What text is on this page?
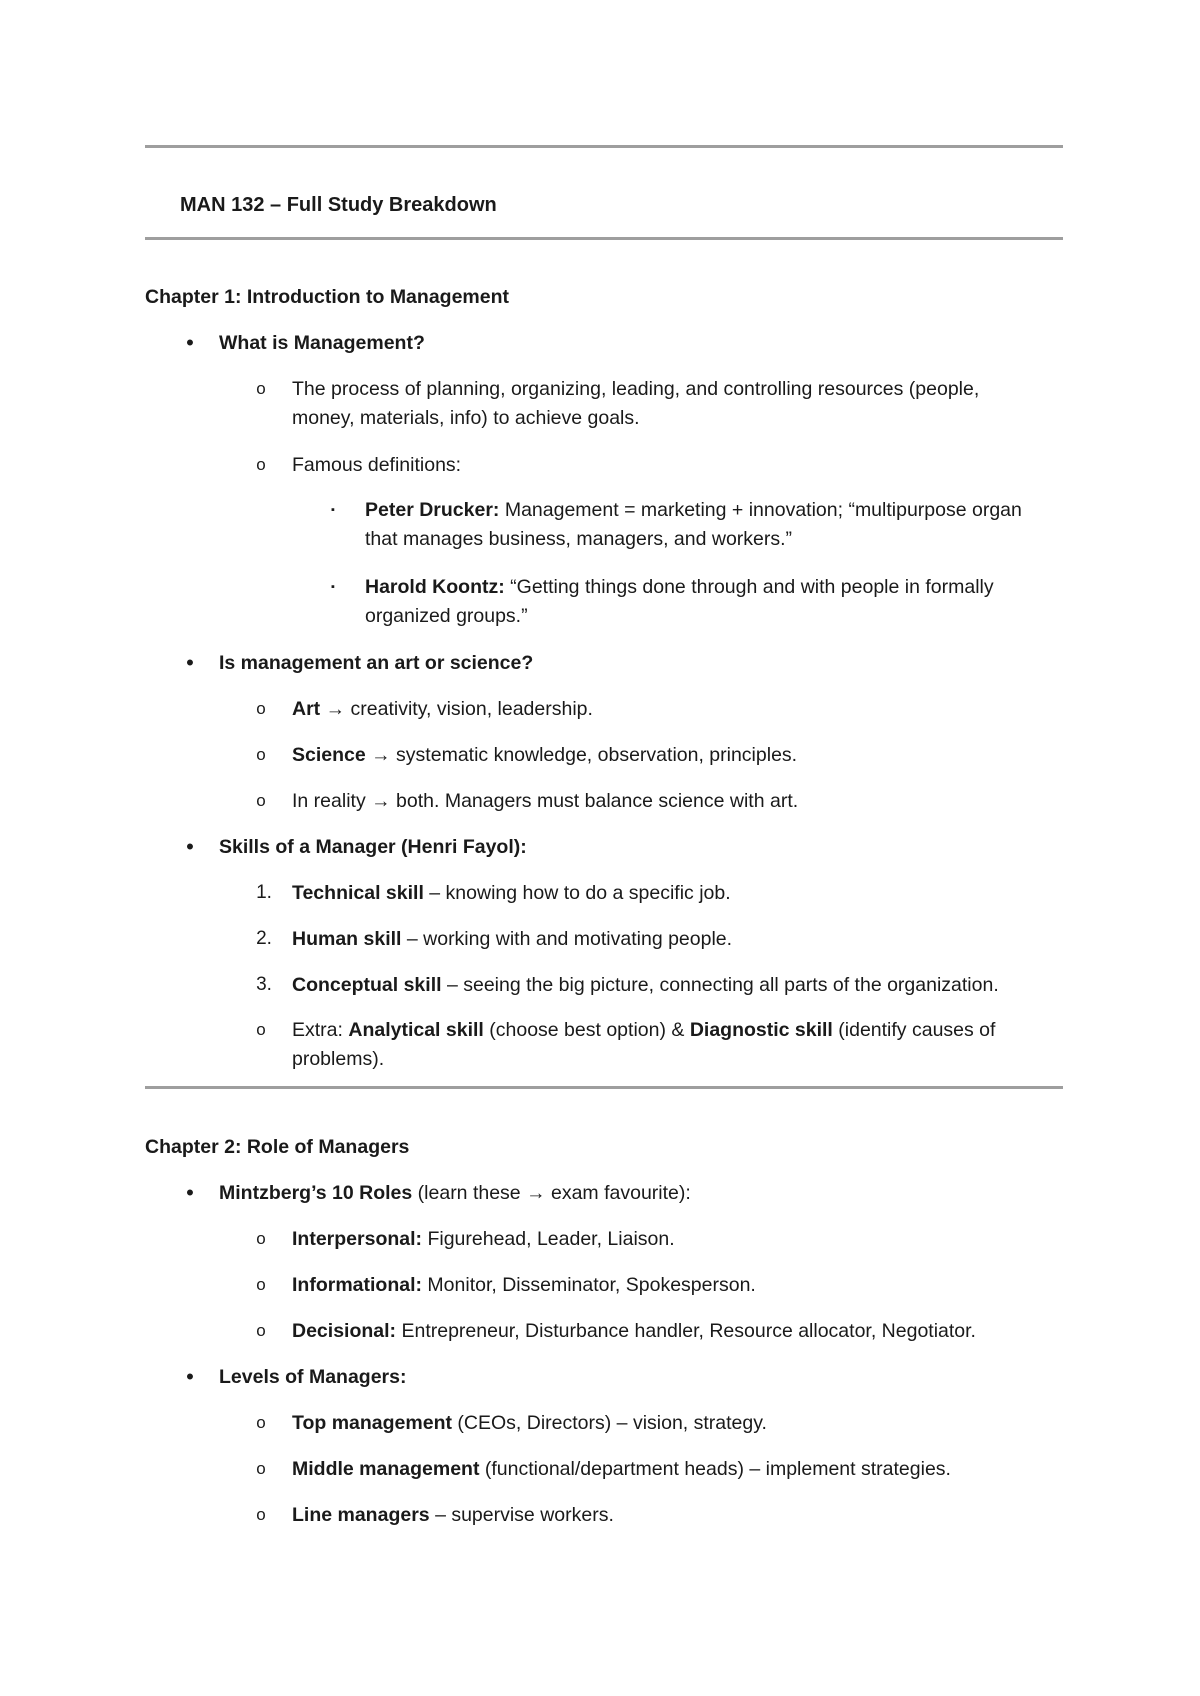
MAN 132 – Full Study Breakdown
Chapter 1: Introduction to Management
• What is Management?
o The process of planning, organizing, leading, and controlling resources (people,
money, materials, info) to achieve goals.
o Famous definitions:
▪ Peter Drucker: Management = marketing + innovation; “multipurpose organ
that manages business, managers, and workers.”
▪ Harold Koontz: “Getting things done through and with people in formally
organized groups.”
• Is management an art or science?
o Art → creativity, vision, leadership.
o Science → systematic knowledge, observation, principles.
o In reality → both. Managers must balance science with art.
• Skills of a Manager (Henri Fayol):
1. Technical skill – knowing how to do a specific job.
2. Human skill – working with and motivating people.
3. Conceptual skill – seeing the big picture, connecting all parts of the organization.
o Extra: Analytical skill (choose best option) & Diagnostic skill (identify causes of
problems).
Chapter 2: Role of Managers
• Mintzberg’s 10 Roles (learn these → exam favourite):
o Interpersonal: Figurehead, Leader, Liaison.
o Informational: Monitor, Disseminator, Spokesperson.
o Decisional: Entrepreneur, Disturbance handler, Resource allocator, Negotiator.
• Levels of Managers:
o Top management (CEOs, Directors) – vision, strategy.
o Middle management (functional/department heads) – implement strategies.
o Line managers – supervise workers.
